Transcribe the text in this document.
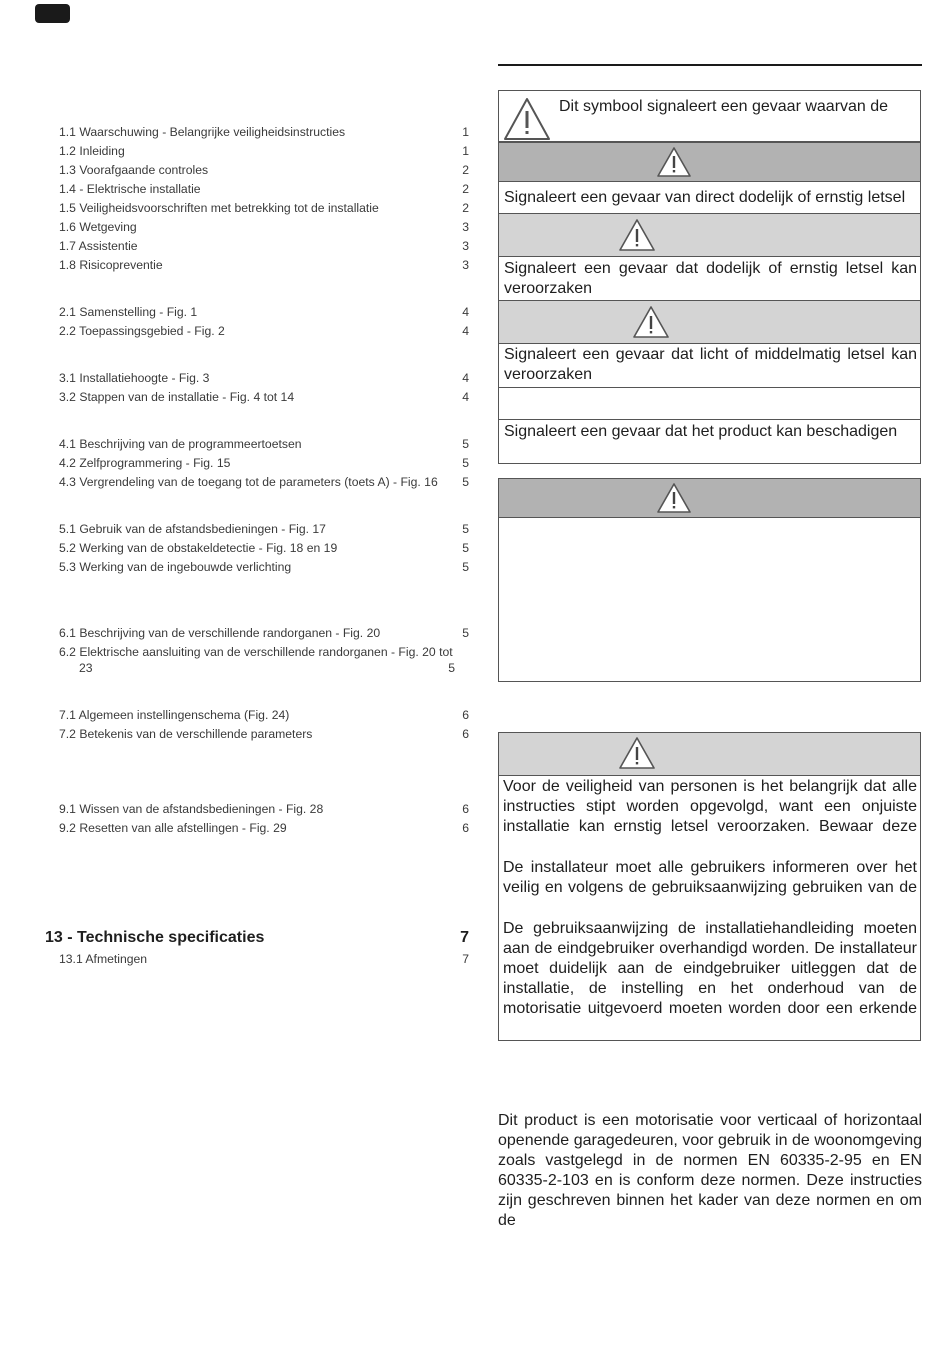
1.1 Waarschuwing - Belangrijke veiligheidsinstructies	1
1.2 Inleiding	1
1.3 Voorafgaande controles	2
1.4 - Elektrische installatie	2
1.5 Veiligheidsvoorschriften met betrekking tot de installatie	2
1.6 Wetgeving	3
1.7 Assistentie	3
1.8 Risicopreventie	3
2.1 Samenstelling - Fig. 1	4
2.2 Toepassingsgebied - Fig. 2	4
3.1 Installatiehoogte - Fig. 3	4
3.2 Stappen van de installatie - Fig. 4 tot 14	4
4.1 Beschrijving van de programmeertoetsen	5
4.2 Zelfprogrammering - Fig. 15	5
4.3 Vergrendeling van de toegang tot de parameters (toets A) - Fig. 16 5
5.1 Gebruik van de afstandsbedieningen - Fig. 17	5
5.2 Werking van de obstakeldetectie - Fig. 18 en 19	5
5.3 Werking van de ingebouwde verlichting	5
6.1 Beschrijving van de verschillende randorganen - Fig. 20	5
6.2 Elektrische aansluiting van de verschillende randorganen - Fig. 20 tot
23	5
7.1 Algemeen instellingenschema (Fig. 24)	6
7.2 Betekenis van de verschillende parameters	6
9.1 Wissen van de afstandsbedieningen - Fig. 28	6
9.2 Resetten van alle afstellingen - Fig. 29	6
13 - Technische specificaties	7
13.1 Afmetingen	7
Dit symbool signaleert een gevaar waarvan de
Signaleert een gevaar van direct dodelijk of ernstig letsel
Signaleert een gevaar dat dodelijk of ernstig letsel kan veroorzaken
Signaleert een gevaar dat licht of middelmatig letsel kan veroorzaken
Signaleert een gevaar dat het product kan beschadigen
Voor de veiligheid van personen is het belangrijk dat alle instructies stipt worden opgevolgd, want een onjuiste installatie kan ernstig letsel veroorzaken. Bewaar deze
De installateur moet alle gebruikers informeren over het veilig en volgens de gebruiksaanwijzing gebruiken van de
De gebruiksaanwijzing de installatiehandleiding moeten aan de eindgebruiker overhandigd worden. De installateur moet duidelijk aan de eindgebruiker uitleggen dat de installatie, de instelling en het onderhoud van de motorisatie uitgevoerd moeten worden door een erkende
Dit product is een motorisatie voor verticaal of horizontaal openende garagedeuren, voor gebruik in de woonomgeving zoals vastgelegd in de normen EN 60335-2-95 en EN 60335-2-103 en is conform deze normen. Deze instructies zijn geschreven binnen het kader van deze normen en om de
